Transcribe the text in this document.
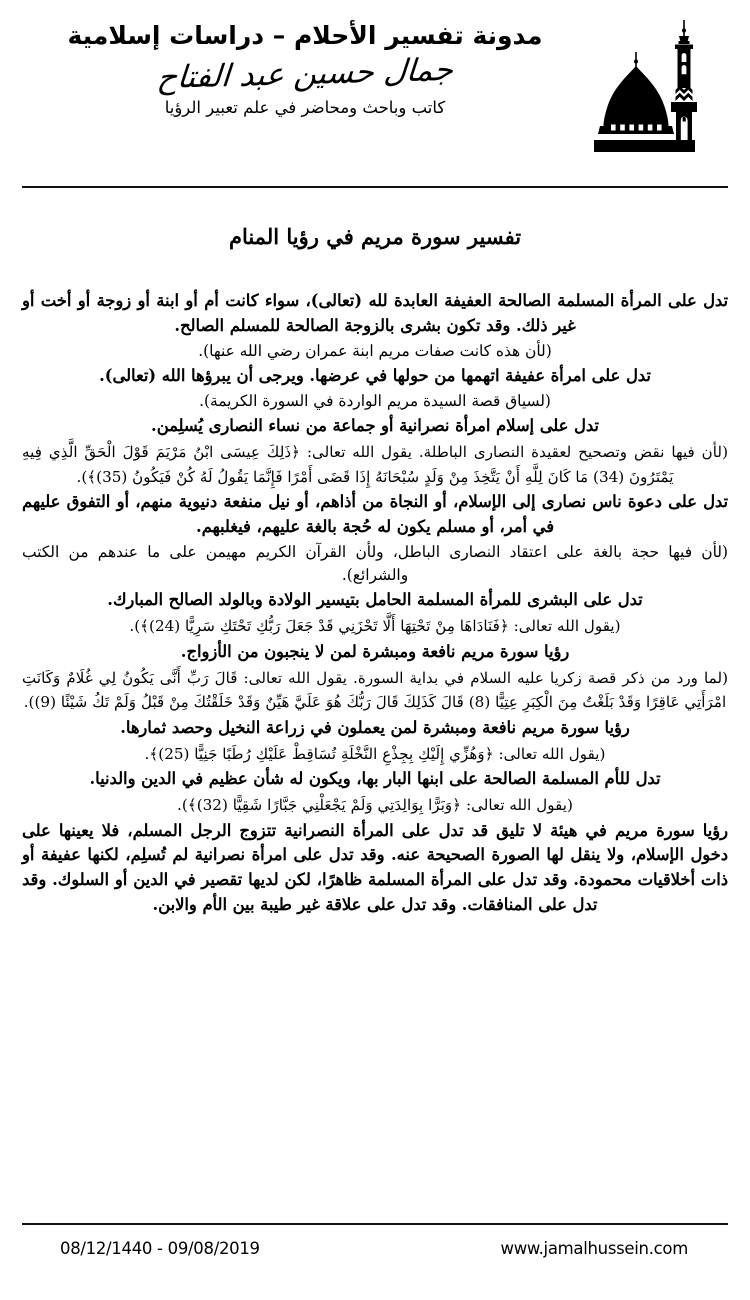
مدونة تفسير الأحلام – دراسات إسلامية
جمال حسين عبد الفتاح
كاتب وباحث ومحاضر في علم تعبير الرؤيا
تفسير سورة مريم في رؤيا المنام

تدل على المرأة المسلمة الصالحة العفيفة العابدة لله (تعالى)، سواء كانت أم أو ابنة أو زوجة أو أخت أو غير ذلك. وقد تكون بشرى بالزوجة الصالحة للمسلم الصالح.

(لأن هذه كانت صفات مريم ابنة عمران رضي الله عنها).

تدل على امرأة عفيفة اتهمها من حولها في عرضها. ويرجى أن يبرؤها الله (تعالى).

(لسياق قصة السيدة مريم الواردة في السورة الكريمة).

تدل على إسلام امرأة نصرانية أو جماعة من نساء النصارى يُسلِمن.

(لأن فيها نقض وتصحيح لعقيدة النصارى الباطلة. يقول الله تعالى: ﴿ذَلِكَ عِيسَى ابْنُ مَرْيَمَ قَوْلَ الْحَقِّ الَّذِي فِيهِ يَمْتَرُونَ (34) مَا كَانَ لِلَّهِ أَنْ يَتَّخِذَ مِنْ وَلَدٍ سُبْحَانَهُ إِذَا قَضَى أَمْرًا فَإِنَّمَا يَقُولُ لَهُ كُنْ فَيَكُونُ (35)﴾).

تدل على دعوة ناس نصارى إلى الإسلام، أو النجاة من أذاهم، أو نيل منفعة دنيوية منهم، أو التفوق عليهم في أمر، أو مسلم يكون له حُجة بالغة عليهم، فيغلبهم.

(لأن فيها حجة بالغة على اعتقاد النصارى الباطل، ولأن القرآن الكريم مهيمن على ما عندهم من الكتب والشرائع).

تدل على البشرى للمرأة المسلمة الحامل بتيسير الولادة وبالولد الصالح المبارك.

(يقول الله تعالى: ﴿فَنَادَاهَا مِنْ تَحْتِهَا أَلَّا تَحْزَنِي قَدْ جَعَلَ رَبُّكِ تَحْتَكِ سَرِيًّا (24)﴾).

رؤيا سورة مريم نافعة ومبشرة لمن لا ينجبون من الأزواج.

(لما ورد من ذكر قصة زكريا عليه السلام في بداية السورة. يقول الله تعالى: قَالَ رَبِّ أَنَّى يَكُونُ لِي غُلَامٌ وَكَانَتِ امْرَأَتِي عَاقِرًا وَقَدْ بَلَغْتُ مِنَ الْكِبَرِ عِتِيًّا (8) قَالَ كَذَلِكَ قَالَ رَبُّكَ هُوَ عَلَيَّ هَيِّنٌ وَقَدْ خَلَقْتُكَ مِنْ قَبْلُ وَلَمْ تَكُ شَيْئًا (9)).

رؤيا سورة مريم نافعة ومبشرة لمن يعملون في زراعة النخيل وحصد ثمارها.

(يقول الله تعالى: ﴿وَهُزِّي إِلَيْكِ بِجِذْعِ النَّخْلَةِ تُسَاقِطْ عَلَيْكِ رُطَبًا جَنِيًّا (25)﴾.

تدل للأم المسلمة الصالحة على ابنها البار بها، ويكون له شأن عظيم في الدين والدنيا.

(يقول الله تعالى: ﴿وَبَرًّا بِوَالِدَتِي وَلَمْ يَجْعَلْنِي جَبَّارًا شَقِيًّا (32)﴾).

رؤيا سورة مريم في هيئة لا تليق قد تدل على المرأة النصرانية تتزوج الرجل المسلم، فلا يعينها على دخول الإسلام، ولا ينقل لها الصورة الصحيحة عنه. وقد تدل على امرأة نصرانية لم تُسلِم، لكنها عفيفة أو ذات أخلاقيات محمودة. وقد تدل على المرأة المسلمة ظاهرًا، لكن لديها تقصير في الدين أو السلوك. وقد تدل على المنافقات. وقد تدل على علاقة غير طيبة بين الأم والابن.

www.jamalhussein.com
08/12/1440 - 09/08/2019
